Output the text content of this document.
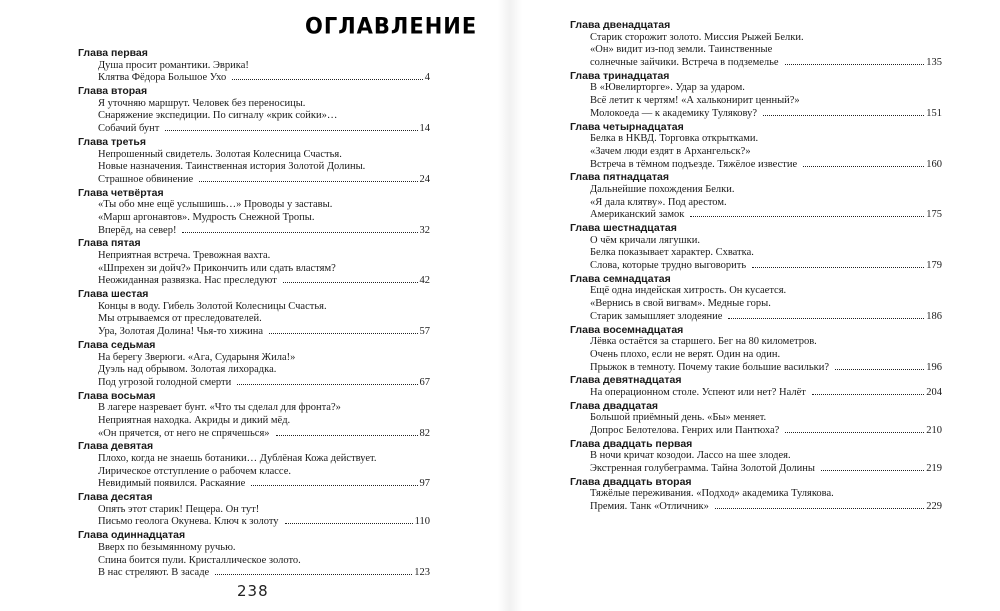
ОГЛАВЛЕНИЕ
Глава первая
Душа просит романтики. Эврика!
Клятва Фёдора Большое Ухо	4
Глава вторая
Я уточняю маршрут. Человек без переносицы.
Снаряжение экспедиции. По сигналу «крик сойки»…
Собачий бунт	14
Глава третья
Непрошенный свидетель. Золотая Колесница Счастья.
Новые назначения. Таинственная история Золотой Долины.
Страшное обвинение	24
Глава четвёртая
«Ты обо мне ещё услышишь…» Проводы у заставы.
«Марш аргонавтов». Мудрость Снежной Тропы.
Вперёд, на север!	32
Глава пятая
Неприятная встреча. Тревожная вахта.
«Шпрехен зи дойч?» Прикончить или сдать властям?
Неожиданная развязка. Нас преследуют	42
Глава шестая
Концы в воду. Гибель Золотой Колесницы Счастья.
Мы отрываемся от преследователей.
Ура, Золотая Долина! Чья-то хижина	57
Глава седьмая
На берегу Зверюги. «Ага, Сударыня Жила!»
Дуэль над обрывом. Золотая лихорадка.
Под угрозой голодной смерти	67
Глава восьмая
В лагере назревает бунт. «Что ты сделал для фронта?»
Неприятная находка. Акриды и дикий мёд.
«Он прячется, от него не спрячешься»	82
Глава девятая
Плохо, когда не знаешь ботаники… Дублёная Кожа действует.
Лирическое отступление о рабочем классе.
Невидимый появился. Раскаяние	97
Глава десятая
Опять этот старик! Пещера. Он тут!
Письмо геолога Окунева. Ключ к золоту	110
Глава одиннадцатая
Вверх по безымянному ручью.
Спина боится пули. Кристаллическое золото.
В нас стреляют. В засаде	123
238
Глава двенадцатая
Старик сторожит золото. Миссия Рыжей Белки.
«Он» видит из-под земли. Таинственные
солнечные зайчики. Встреча в подземелье	135
Глава тринадцатая
В «Ювелирторге». Удар за ударом.
Всё летит к чертям! «А хальконирит ценный?»
Молокоеда — к академику Тулякову?	151
Глава четырнадцатая
Белка в НКВД. Торговка открытками.
«Зачем люди ездят в Архангельск?»
Встреча в тёмном подъезде. Тяжёлое известие	160
Глава пятнадцатая
Дальнейшие похождения Белки.
«Я дала клятву». Под арестом.
Американский замок	175
Глава шестнадцатая
О чём кричали лягушки.
Белка показывает характер. Схватка.
Слова, которые трудно выговорить	179
Глава семнадцатая
Ещё одна индейская хитрость. Он кусается.
«Вернись в свой вигвам». Медные горы.
Старик замышляет злодеяние	186
Глава восемнадцатая
Лёвка остаётся за старшего. Бег на 80 километров.
Очень плохо, если не верят. Один на один.
Прыжок в темноту. Почему такие большие васильки?	196
Глава девятнадцатая
На операционном столе. Успеют или нет? Налёт	204
Глава двадцатая
Большой приёмный день. «Бы» меняет.
Допрос Белотелова. Генрих или Пантюха?	210
Глава двадцать первая
В ночи кричат козодои. Лассо на шее злодея.
Экстренная голубеграмма. Тайна Золотой Долины	219
Глава двадцать вторая
Тяжёлые переживания. «Подход» академика Тулякова.
Премия. Танк «Отличник»	229
